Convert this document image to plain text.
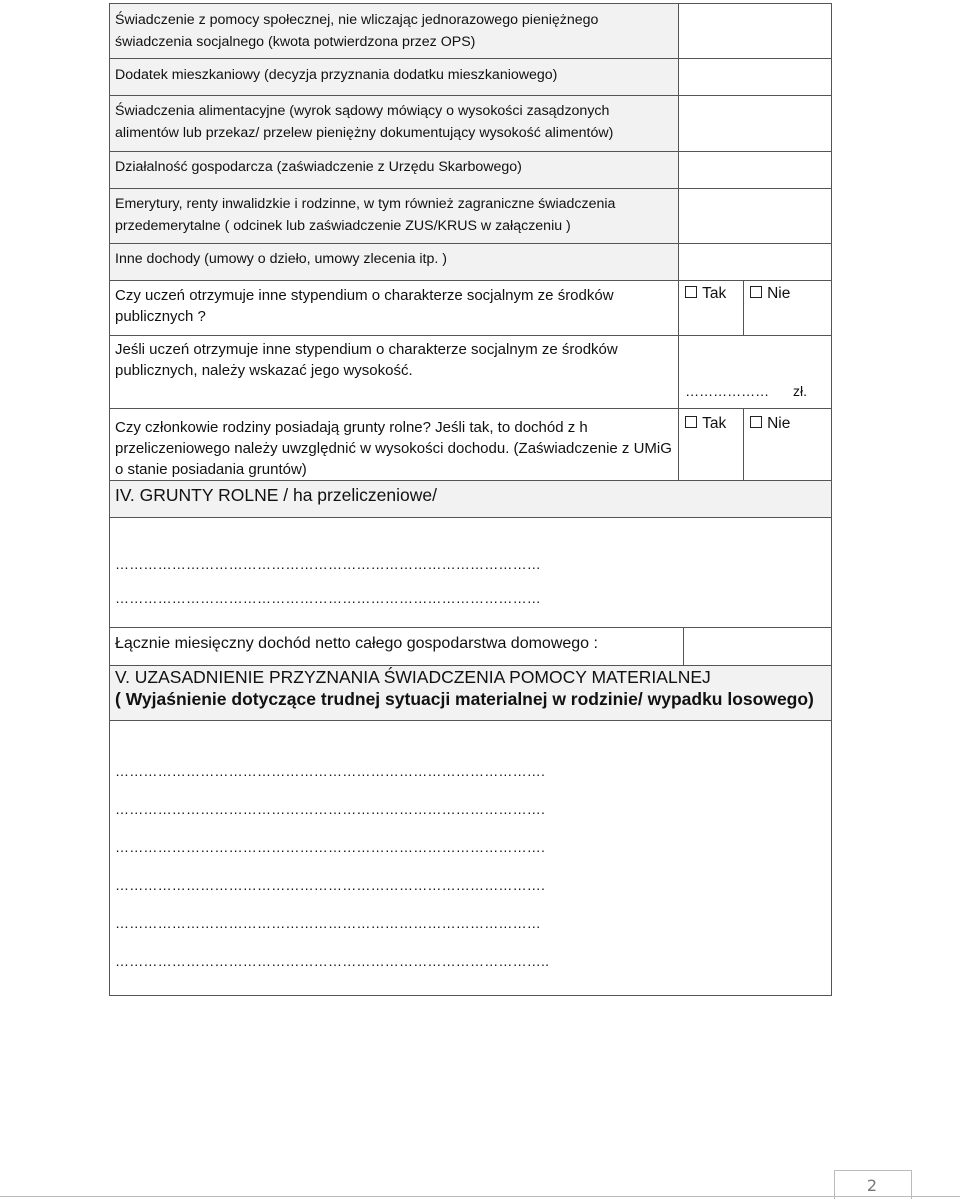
Świadczenie z pomocy społecznej, nie wliczając jednorazowego pieniężnego świadczenia socjalnego (kwota potwierdzona przez OPS)		
Dodatek mieszkaniowy (decyzja przyznania dodatku mieszkaniowego)		
Świadczenia alimentacyjne (wyrok sądowy mówiący o wysokości zasądzonych alimentów lub przekaz/ przelew pieniężny dokumentujący wysokość alimentów)		
Działalność gospodarcza (zaświadczenie z Urzędu Skarbowego)		
Emerytury, renty inwalidzkie i rodzinne, w tym również zagraniczne świadczenia przedemerytalne ( odcinek lub zaświadczenie ZUS/KRUS w załączeniu )		
Inne dochody (umowy o dzieło, umowy zlecenia itp. )		
Czy uczeń otrzymuje inne stypendium o charakterze socjalnym ze środków publicznych ?	Tak	Nie
Jeśli uczeń otrzymuje inne stypendium o charakterze socjalnym ze środków publicznych, należy wskazać jego wysokość.	……………… zł.	
Czy członkowie rodziny posiadają grunty rolne? Jeśli tak, to dochód z h przeliczeniowego należy uwzględnić w wysokości dochodu. (Zaświadczenie z UMiG o stanie posiadania gruntów)	Tak	Nie
IV. GRUNTY ROLNE / ha przeliczeniowe/

………………………………………………………………………………
………………………………………………………………………………

Łącznie miesięczny dochód netto całego gospodarstwa domowego :	
V. UZASADNIENIE PRZYZNANIA ŚWIADCZENIA POMOCY MATERIALNEJ
( Wyjaśnienie dotyczące trudnej sytuacji materialnej w rodzinie/ wypadku losowego)

……………………………………………………………………………….
……………………………………………………………………………….
……………………………………………………………………………….
……………………………………………………………………………….
………………………………………………………………………………
………………………………………………………………………………..
2
